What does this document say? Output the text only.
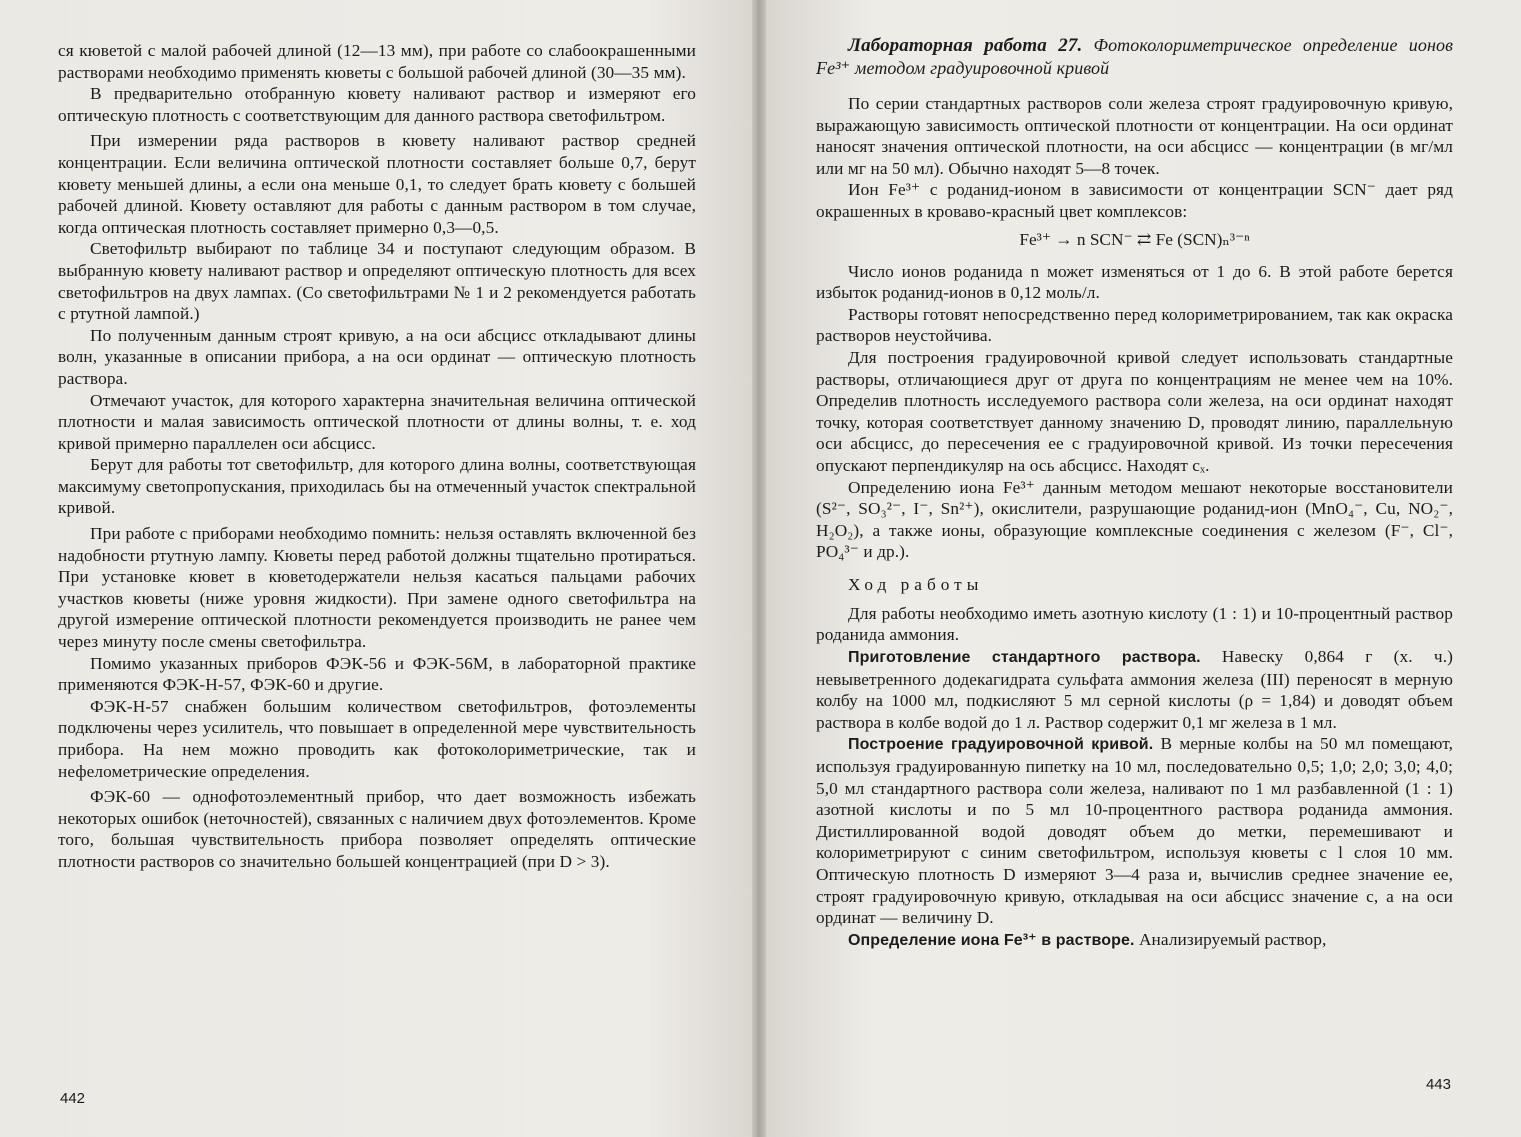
ся кюветой с малой рабочей длиной (12—13 мм), при работе со слабоокрашенными растворами необходимо применять кюветы с большой рабочей длиной (30—35 мм).

В предварительно отобранную кювету наливают раствор и измеряют его оптическую плотность с соответствующим для данного раствора светофильтром.

При измерении ряда растворов в кювету наливают раствор средней концентрации. Если величина оптической плотности составляет больше 0,7, берут кювету меньшей длины, а если она меньше 0,1, то следует брать кювету с большей рабочей длиной. Кювету оставляют для работы с данным раствором в том случае, когда оптическая плотность составляет примерно 0,3—0,5.

Светофильтр выбирают по таблице 34 и поступают следующим образом. В выбранную кювету наливают раствор и определяют оптическую плотность для всех светофильтров на двух лампах. (Со светофильтрами № 1 и 2 рекомендуется работать с ртутной лампой.)

По полученным данным строят кривую, а на оси абсцисс откладывают длины волн, указанные в описании прибора, а на оси ординат — оптическую плотность раствора.

Отмечают участок, для которого характерна значительная величина оптической плотности и малая зависимость оптической плотности от длины волны, т. е. ход кривой примерно параллелен оси абсцисс.

Берут для работы тот светофильтр, для которого длина волны, соответствующая максимуму светопропускания, приходилась бы на отмеченный участок спектральной кривой.

При работе с приборами необходимо помнить: нельзя оставлять включенной без надобности ртутную лампу. Кюветы перед работой должны тщательно протираться. При установке кювет в кюветодержатели нельзя касаться пальцами рабочих участков кюветы (ниже уровня жидкости). При замене одного светофильтра на другой измерение оптической плотности рекомендуется производить не ранее чем через минуту после смены светофильтра.

Помимо указанных приборов ФЭК-56 и ФЭК-56М, в лабораторной практике применяются ФЭК-Н-57, ФЭК-60 и другие.

ФЭК-Н-57 снабжен большим количеством светофильтров, фотоэлементы подключены через усилитель, что повышает в определенной мере чувствительность прибора. На нем можно проводить как фотоколориметрические, так и нефелометрические определения.

ФЭК-60 — однофотоэлементный прибор, что дает возможность избежать некоторых ошибок (неточностей), связанных с наличием двух фотоэлементов. Кроме того, большая чувствительность прибора позволяет определять оптические плотности растворов со значительно большей концентрацией (при D > 3).

442

Лабораторная работа 27. Фотоколориметрическое определение ионов Fe³⁺ методом градуировочной кривой

По серии стандартных растворов соли железа строят градуировочную кривую, выражающую зависимость оптической плотности от концентрации. На оси ординат наносят значения оптической плотности, на оси абсцисс — концентрации (в мг/мл или мг на 50 мл). Обычно находят 5—8 точек.

Ион Fe³⁺ с роданид-ионом в зависимости от концентрации SCN⁻ дает ряд окрашенных в кроваво-красный цвет комплексов:

Fe³⁺ → n SCN⁻ ⇄ Fe (SCN)ₙ³⁻ⁿ

Число ионов роданида n может изменяться от 1 до 6. В этой работе берется избыток роданид-ионов в 0,12 моль/л.

Растворы готовят непосредственно перед колориметрированием, так как окраска растворов неустойчива.

Для построения градуировочной кривой следует использовать стандартные растворы, отличающиеся друг от друга по концентрациям не менее чем на 10%. Определив плотность исследуемого раствора соли железа, на оси ординат находят точку, которая соответствует данному значению D, проводят линию, параллельную оси абсцисс, до пересечения ее с градуировочной кривой. Из точки пересечения опускают перпендикуляр на ось абсцисс. Находят cₓ.

Определению иона Fe³⁺ данным методом мешают некоторые восстановители (S²⁻, SO₃²⁻, I⁻, Sn²⁺), окислители, разрушающие роданид-ион (MnO₄⁻, Cu, NO₂⁻, H₂O₂), а также ионы, образующие комплексные соединения с железом (F⁻, Cl⁻, PO₄³⁻ и др.).

Ход работы

Для работы необходимо иметь азотную кислоту (1 : 1) и 10-процентный раствор роданида аммония.

Приготовление стандартного раствора. Навеску 0,864 г (х. ч.) невыветренного додекагидрата сульфата аммония железа (III) переносят в мерную колбу на 1000 мл, подкисляют 5 мл серной кислоты (ρ = 1,84) и доводят объем раствора в колбе водой до 1 л. Раствор содержит 0,1 мг железа в 1 мл.

Построение градуировочной кривой. В мерные колбы на 50 мл помещают, используя градуированную пипетку на 10 мл, последовательно 0,5; 1,0; 2,0; 3,0; 4,0; 5,0 мл стандартного раствора соли железа, наливают по 1 мл разбавленной (1 : 1) азотной кислоты и по 5 мл 10-процентного раствора роданида аммония. Дистиллированной водой доводят объем до метки, перемешивают и колориметрируют с синим светофильтром, используя кюветы с l слоя 10 мм. Оптическую плотность D измеряют 3—4 раза и, вычислив среднее значение ее, строят градуировочную кривую, откладывая на оси абсцисс значение c, а на оси ординат — величину D.

Определение иона Fe³⁺ в растворе. Анализируемый раствор,

443
